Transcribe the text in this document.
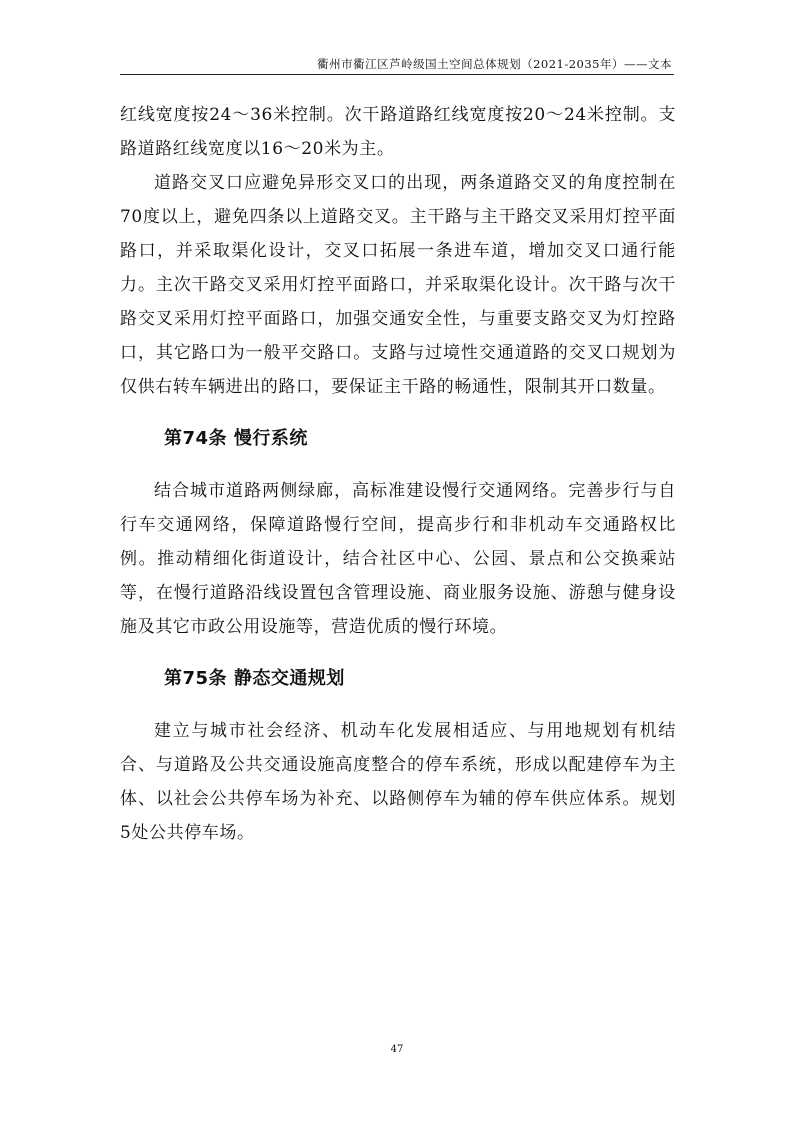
衢州市衢江区芦岭级国土空间总体规划（2021-2035年）——文本

红线宽度按24～36米控制。次干路道路红线宽度按20～24米控制。支路道路红线宽度以16～20米为主。

道路交叉口应避免异形交叉口的出现，两条道路交叉的角度控制在70度以上，避免四条以上道路交叉。主干路与主干路交叉采用灯控平面路口，并采取渠化设计，交叉口拓展一条进车道，增加交叉口通行能力。主次干路交叉采用灯控平面路口，并采取渠化设计。次干路与次干路交叉采用灯控平面路口，加强交通安全性，与重要支路交叉为灯控路口，其它路口为一般平交路口。支路与过境性交通道路的交叉口规划为仅供右转车辆进出的路口，要保证主干路的畅通性，限制其开口数量。

第74条 慢行系统

结合城市道路两侧绿廊，高标准建设慢行交通网络。完善步行与自行车交通网络，保障道路慢行空间，提高步行和非机动车交通路权比例。推动精细化街道设计，结合社区中心、公园、景点和公交换乘站等，在慢行道路沿线设置包含管理设施、商业服务设施、游憩与健身设施及其它市政公用设施等，营造优质的慢行环境。

第75条 静态交通规划

建立与城市社会经济、机动车化发展相适应、与用地规划有机结合、与道路及公共交通设施高度整合的停车系统，形成以配建停车为主体、以社会公共停车场为补充、以路侧停车为辅的停车供应体系。规划5处公共停车场。

47
